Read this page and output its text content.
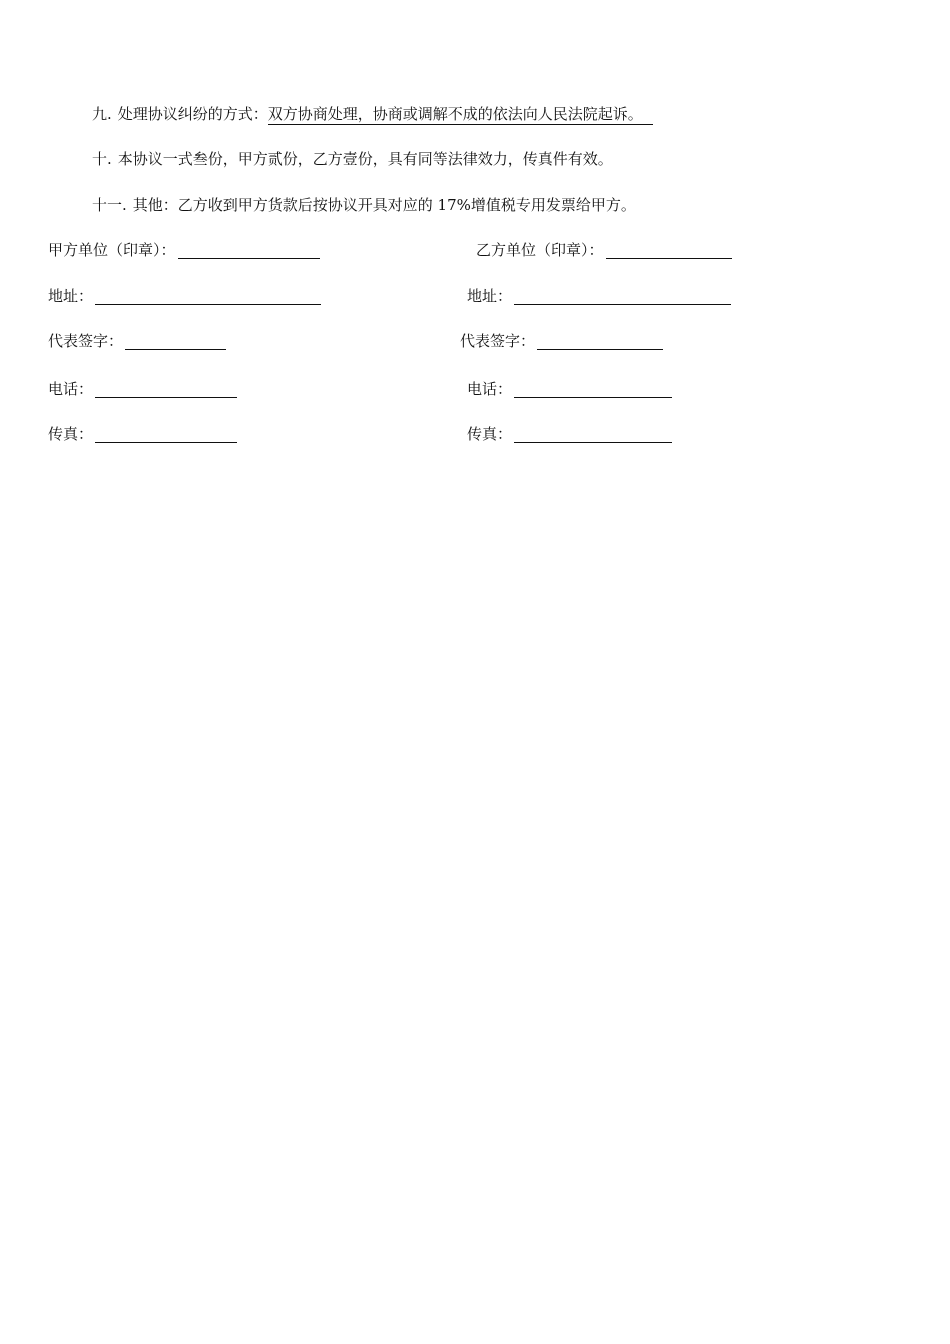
九. 处理协议纠纷的方式：双方协商处理，协商或调解不成的依法向人民法院起诉。
十. 本协议一式叁份，甲方贰份，乙方壹份，具有同等法律效力，传真件有效。
十一. 其他：乙方收到甲方货款后按协议开具对应的 17%增值税专用发票给甲方。
甲方单位（印章）：
地址：
代表签字：
电话：
传真：
乙方单位（印章）：
地址：
代表签字：
电话：
传真：
